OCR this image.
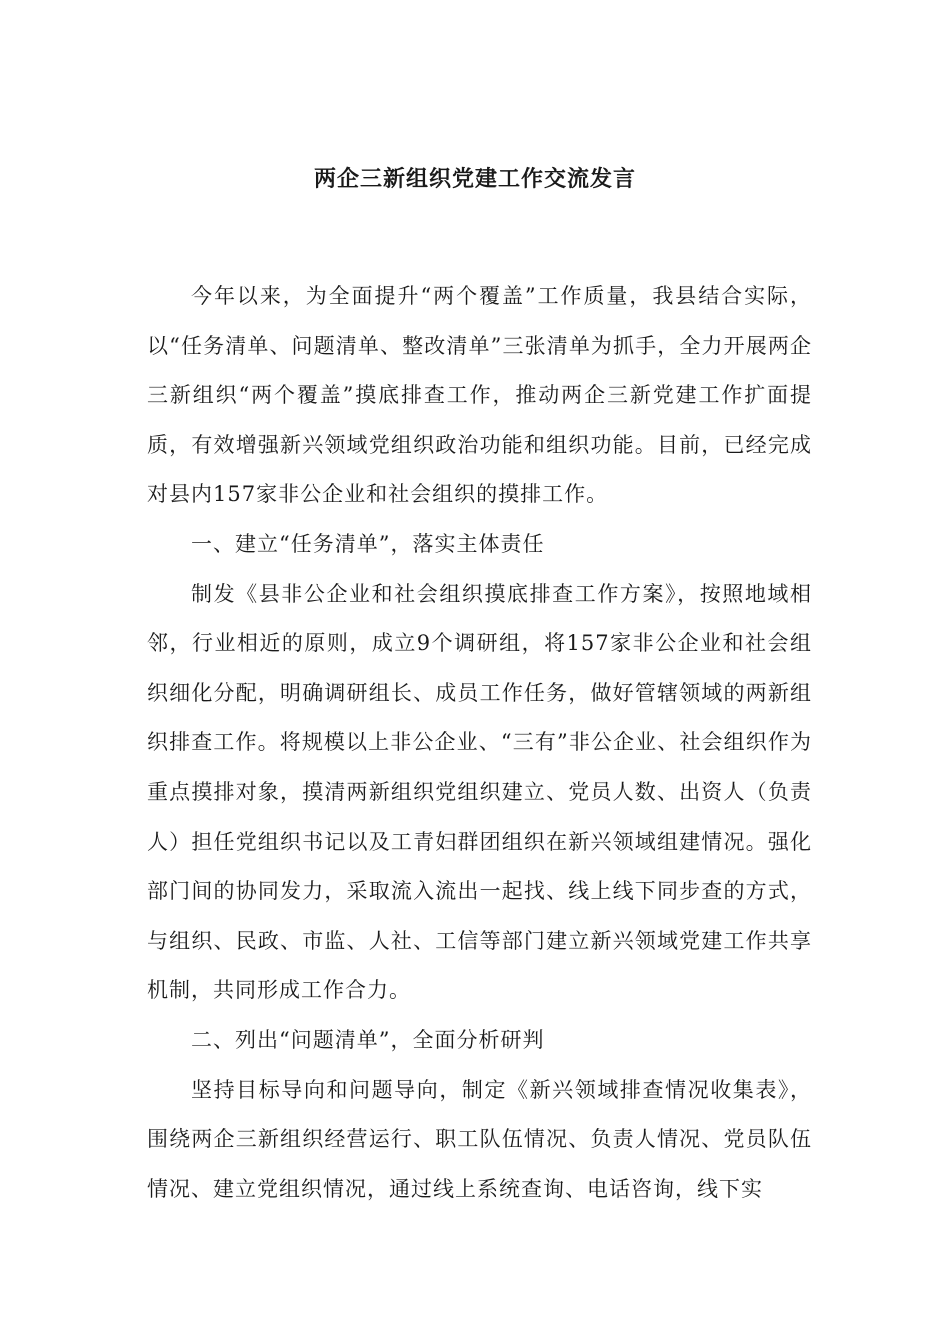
两企三新组织党建工作交流发言

今年以来，为全面提升“两个覆盖”工作质量，我县结合实际，以“任务清单、问题清单、整改清单”三张清单为抓手，全力开展两企三新组织“两个覆盖”摸底排查工作，推动两企三新党建工作扩面提质，有效增强新兴领域党组织政治功能和组织功能。目前，已经完成对县内157家非公企业和社会组织的摸排工作。

一、建立“任务清单”，落实主体责任

制发《县非公企业和社会组织摸底排查工作方案》，按照地域相邻，行业相近的原则，成立9个调研组，将157家非公企业和社会组织细化分配，明确调研组长、成员工作任务，做好管辖领域的两新组织排查工作。将规模以上非公企业、“三有”非公企业、社会组织作为重点摸排对象，摸清两新组织党组织建立、党员人数、出资人（负责人）担任党组织书记以及工青妇群团组织在新兴领域组建情况。强化部门间的协同发力，采取流入流出一起找、线上线下同步查的方式，与组织、民政、市监、人社、工信等部门建立新兴领域党建工作共享机制，共同形成工作合力。

二、列出“问题清单”，全面分析研判

坚持目标导向和问题导向，制定《新兴领域排查情况收集表》，围绕两企三新组织经营运行、职工队伍情况、负责人情况、党员队伍情况、建立党组织情况，通过线上系统查询、电话咨询，线下实
